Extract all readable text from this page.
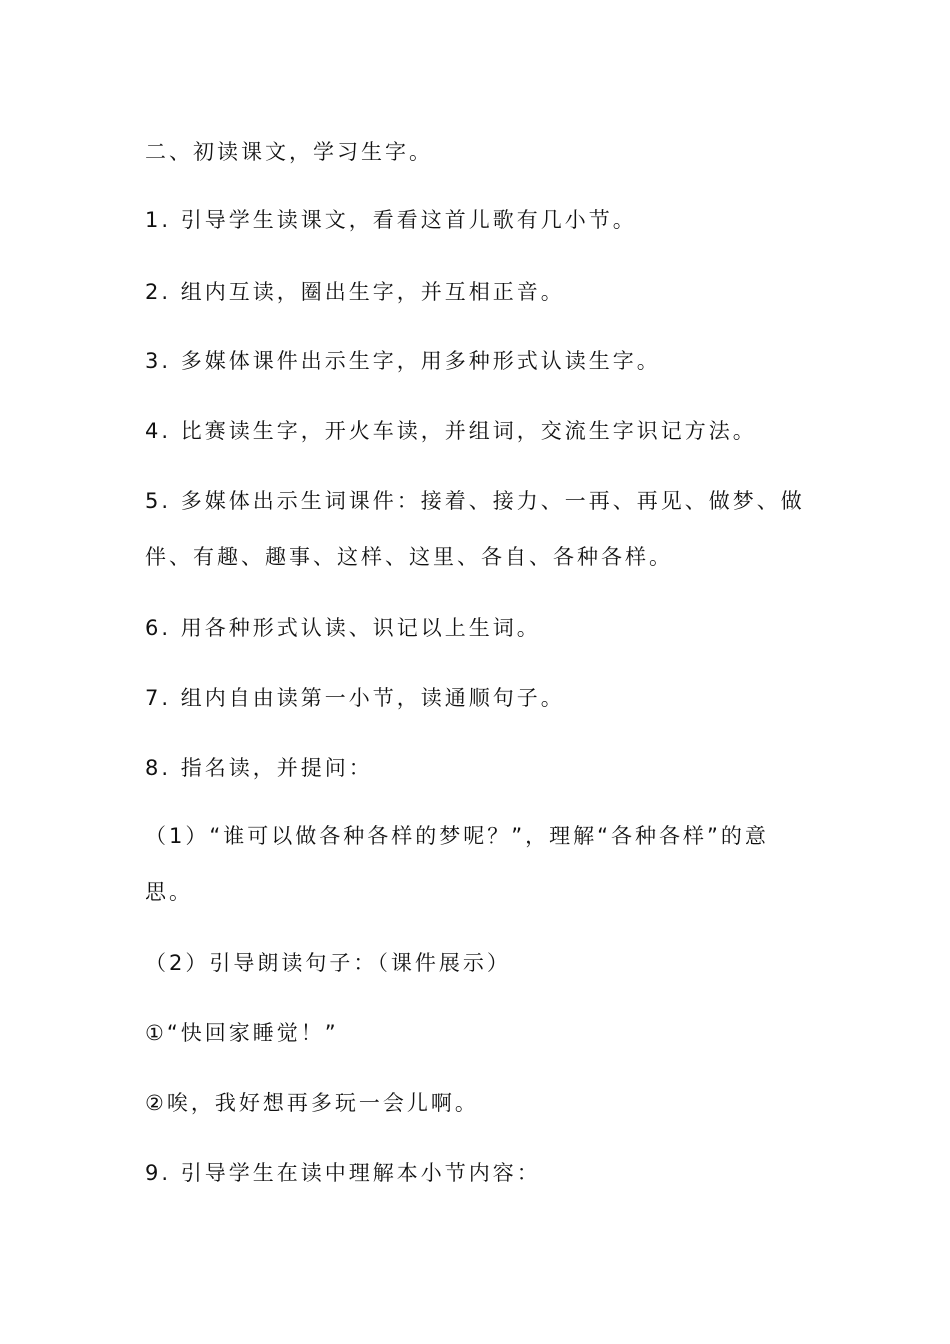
二、初读课文，学习生字。
1. 引导学生读课文，看看这首儿歌有几小节。
2. 组内互读，圈出生字，并互相正音。
3. 多媒体课件出示生字，用多种形式认读生字。
4. 比赛读生字，开火车读，并组词，交流生字识记方法。
5. 多媒体出示生词课件：接着、接力、一再、再见、做梦、做
伴、有趣、趣事、这样、这里、各自、各种各样。
6. 用各种形式认读、识记以上生词。
7. 组内自由读第一小节，读通顺句子。
8. 指名读，并提问：
（1）“谁可以做各种各样的梦呢？”，理解“各种各样”的意
思。
（2）引导朗读句子：（课件展示）
①“快回家睡觉！”
②唉，我好想再多玩一会儿啊。
9. 引导学生在读中理解本小节内容：
